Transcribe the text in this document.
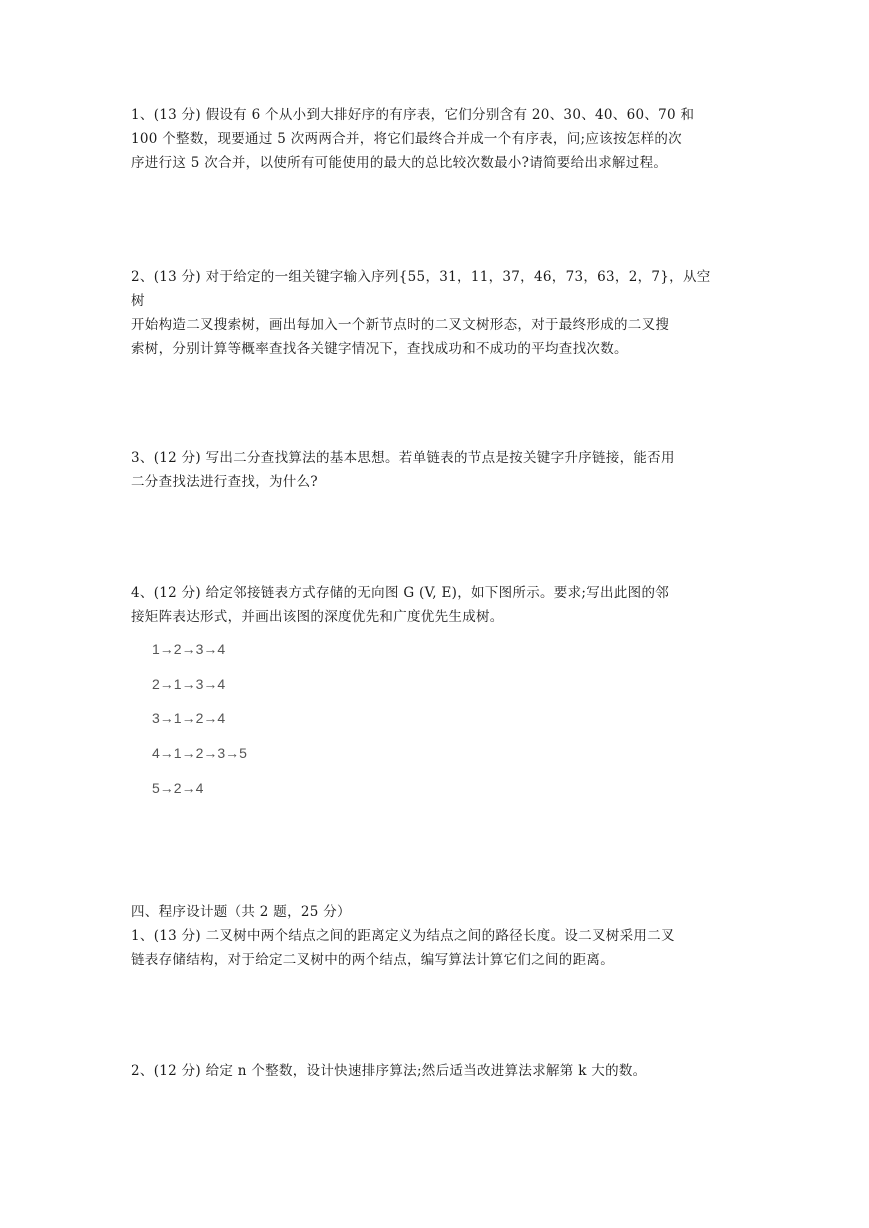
1、(13 分) 假设有 6 个从小到大排好序的有序表，它们分别含有 20、30、40、60、70 和
100 个整数，现要通过 5 次两两合并，将它们最终合并成一个有序表，问;应该按怎样的次
序进行这 5 次合并，以使所有可能使用的最大的总比较次数最小?请简要给出求解过程。
2、(13 分) 对于给定的一组关键字输入序列{55，31，11，37，46，73，63，2，7}，从空
树
开始构造二叉搜索树，画出每加入一个新节点时的二叉文树形态，对于最终形成的二叉搜
索树，分别计算等概率查找各关键字情况下，查找成功和不成功的平均查找次数。
3、(12 分) 写出二分查找算法的基本思想。若单链表的节点是按关键字升序链接，能否用
二分查找法进行查找，为什么?
4、(12 分) 给定邻接链表方式存储的无向图 G (V, E)，如下图所示。要求;写出此图的邻
接矩阵表达形式，并画出该图的深度优先和广度优先生成树。
1→2→3→4
2→1→3→4
3→1→2→4
4→1→2→3→5
5→2→4
四、程序设计题（共 2 题，25 分）
1、(13 分) 二叉树中两个结点之间的距离定义为结点之间的路径长度。设二叉树采用二叉
链表存储结构，对于给定二叉树中的两个结点，编写算法计算它们之间的距离。
2、(12 分) 给定 n 个整数，设计快速排序算法;然后适当改进算法求解第 k 大的数。
